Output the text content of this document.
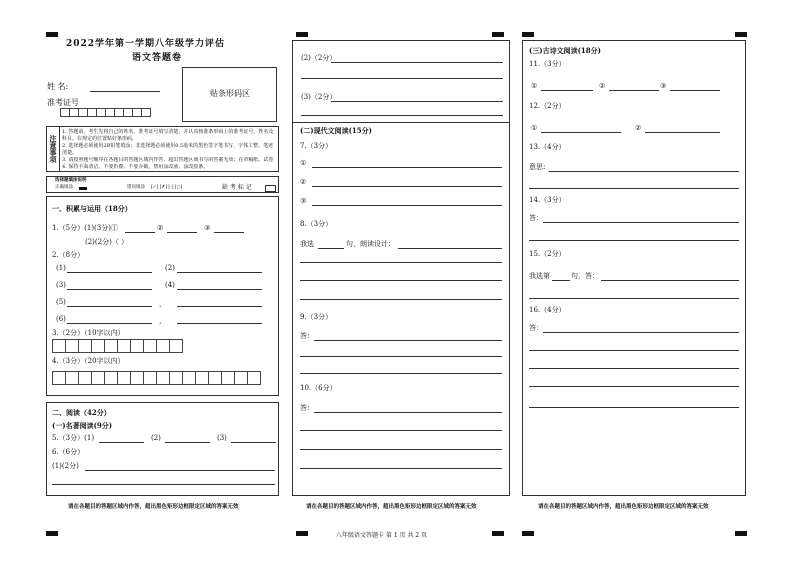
2022学年第一学期八年级学力评估
语文答题卷
姓 名:
准考证号
贴条形码区
注意事项
1. 答题前，考生先将自己的姓名、准考证号填写清楚，并认真核准条形码上的准考证号、姓名及科目，在规定的位置贴好条形码。
2. 选择题必须使用2B铅笔填涂；非选择题必须使用0.5毫米的黑色签字笔书写，字体工整、笔迹清楚。
3. 请按照题号顺序在各题目的答题区域内作答，超出答题区域书写的答案无效；在草稿纸、试卷
4. 保持卡面清洁，不要折叠、不要弄破，禁用涂改液、涂改胶条。
选择题填涂说明
正确填涂	错误填涂 [✓] [✗] [-] [○]	缺 考 标 记
一、积累与运用（18分）
1.（5分）(1)(3分)①	②	③
(2)(2分)（ ）
2.（8分）
(1)	(2)
(3)	(4)
(5)	，
(6)	，
3.（2分）（10字以内）
4.（3分）（20字以内）
二、阅读（42分）
(一)名著阅读(9分)
5.（3分）(1)	(2)	(3)
6.（6分）
(1)(2分)
请在各题目的答题区域内作答，超出黑色矩形边框限定区域的答案无效
(2)（2分）
(3)（2分）
(二)现代文阅读(15分)
7.（3分）
①
②
③
8.（3分）
我选	句，朗读设计：
9.（3分）
答：
10.（6分）
答：
请在各题目的答题区域内作答，超出黑色矩形边框限定区域的答案无效
八年级语文答题卡 第 1 页 共 2 页
(三)古诗文阅读(18分)
11.（3分）
①	②	③
12.（2分）
①	②
13.（4分）
意思:
14.（3分）
答：
15.（2分）
我选第	句，答：
16.（4分）
答：
请在各题目的答题区域内作答，超出黑色矩形边框限定区域的答案无效
